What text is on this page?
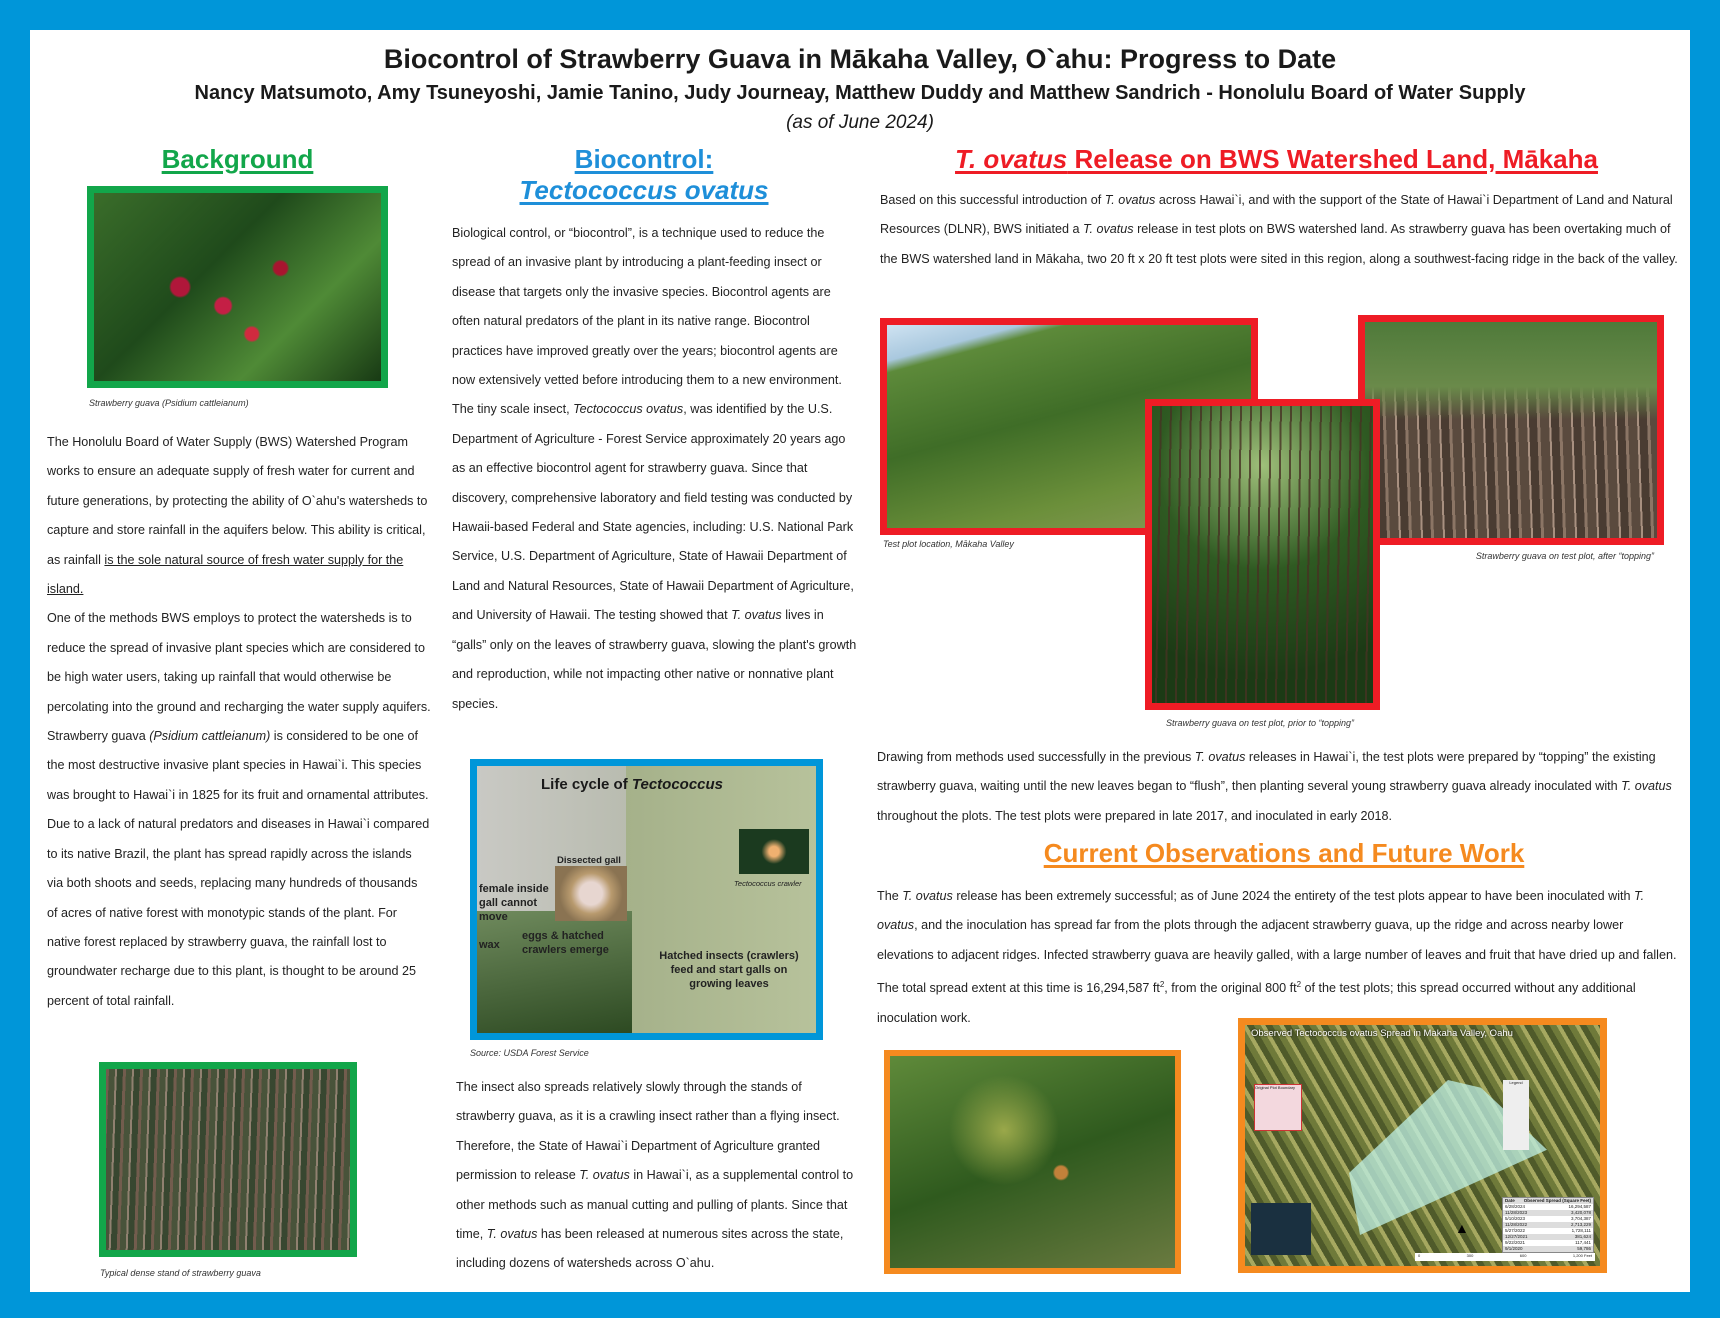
Biocontrol of Strawberry Guava in Mākaha Valley, O`ahu: Progress to Date
Nancy Matsumoto, Amy Tsuneyoshi, Jamie Tanino, Judy Journeay, Matthew Duddy and Matthew Sandrich - Honolulu Board of Water Supply
(as of June 2024)
Background
Strawberry guava (Psidium cattleianum)

The Honolulu Board of Water Supply (BWS) Watershed Program works to ensure an adequate supply of fresh water for current and future generations, by protecting the ability of O`ahu's watersheds to capture and store rainfall in the aquifers below. This ability is critical, as rainfall is the sole natural source of fresh water supply for the island.

One of the methods BWS employs to protect the watersheds is to reduce the spread of invasive plant species which are considered to be high water users, taking up rainfall that would otherwise be percolating into the ground and recharging the water supply aquifers.

Strawberry guava (Psidium cattleianum) is considered to be one of the most destructive invasive plant species in Hawai`i. This species was brought to Hawai`i in 1825 for its fruit and ornamental attributes. Due to a lack of natural predators and diseases in Hawai`i compared to its native Brazil, the plant has spread rapidly across the islands via both shoots and seeds, replacing many hundreds of thousands of acres of native forest with monotypic stands of the plant. For native forest replaced by strawberry guava, the rainfall lost to groundwater recharge due to this plant, is thought to be around 25 percent of total rainfall.

Typical dense stand of strawberry guava
Biocontrol:
Tectococcus ovatus

Biological control, or “biocontrol”, is a technique used to reduce the spread of an invasive plant by introducing a plant-feeding insect or disease that targets only the invasive species. Biocontrol agents are often natural predators of the plant in its native range. Biocontrol practices have improved greatly over the years; biocontrol agents are now extensively vetted before introducing them to a new environment.

The tiny scale insect, Tectococcus ovatus, was identified by the U.S. Department of Agriculture - Forest Service approximately 20 years ago as an effective biocontrol agent for strawberry guava. Since that discovery, comprehensive laboratory and field testing was conducted by Hawaii-based Federal and State agencies, including: U.S. National Park Service, U.S. Department of Agriculture, State of Hawaii Department of Land and Natural Resources, State of Hawaii Department of Agriculture, and University of Hawaii. The testing showed that T. ovatus lives in “galls” only on the leaves of strawberry guava, slowing the plant's growth and reproduction, while not impacting other native or nonnative plant species.

Life cycle of Tectococcus
Dissected gall
female inside gall cannot move
eggs & hatched crawlers emerge
wax
Tectococcus crawler
Hatched insects (crawlers) feed and start galls on growing leaves
Source: USDA Forest Service

The insect also spreads relatively slowly through the stands of strawberry guava, as it is a crawling insect rather than a flying insect. Therefore, the State of Hawai`i Department of Agriculture granted permission to release T. ovatus in Hawai`i, as a supplemental control to other methods such as manual cutting and pulling of plants. Since that time, T. ovatus has been released at numerous sites across the state, including dozens of watersheds across O`ahu.

T. ovatus Release on BWS Watershed Land, Mākaha

Based on this successful introduction of T. ovatus across Hawai`i, and with the support of the State of Hawai`i Department of Land and Natural Resources (DLNR), BWS initiated a T. ovatus release in test plots on BWS watershed land. As strawberry guava has been overtaking much of the BWS watershed land in Mākaha, two 20 ft x 20 ft test plots were sited in this region, along a southwest-facing ridge in the back of the valley.

Test plot location, Mākaha Valley
Strawberry guava on test plot, after “topping”
Strawberry guava on test plot, prior to “topping”

Drawing from methods used successfully in the previous T. ovatus releases in Hawai`i, the test plots were prepared by “topping” the existing strawberry guava, waiting until the new leaves began to “flush”, then planting several young strawberry guava already inoculated with T. ovatus throughout the plots. The test plots were prepared in late 2017, and inoculated in early 2018.

Current Observations and Future Work

The T. ovatus release has been extremely successful; as of June 2024 the entirety of the test plots appear to have been inoculated with T. ovatus, and the inoculation has spread far from the plots through the adjacent strawberry guava, up the ridge and across nearby lower elevations to adjacent ridges. Infected strawberry guava are heavily galled, with a large number of leaves and fruit that have dried up and fallen. The total spread extent at this time is 16,294,587 $ft^2$, from the original 800 $ft^2$ of the test plots; this spread occurred without any additional inoculation work.

Original Plot Boundary
Legend
Observed Tectococcus ovatus Spread in Makaha Valley, Oahu
Date Observed Spread (Square Feet)
6/28/2024	16,294,587
11/28/2023	3,420,078
5/10/2023	3,704,387
11/28/2022	2,713,229
5/27/2022	1,728,111
12/27/2021	381,624
9/22/2021	117,441
9/1/2020	59,786
▲
0	300	600	1,200 Feet
